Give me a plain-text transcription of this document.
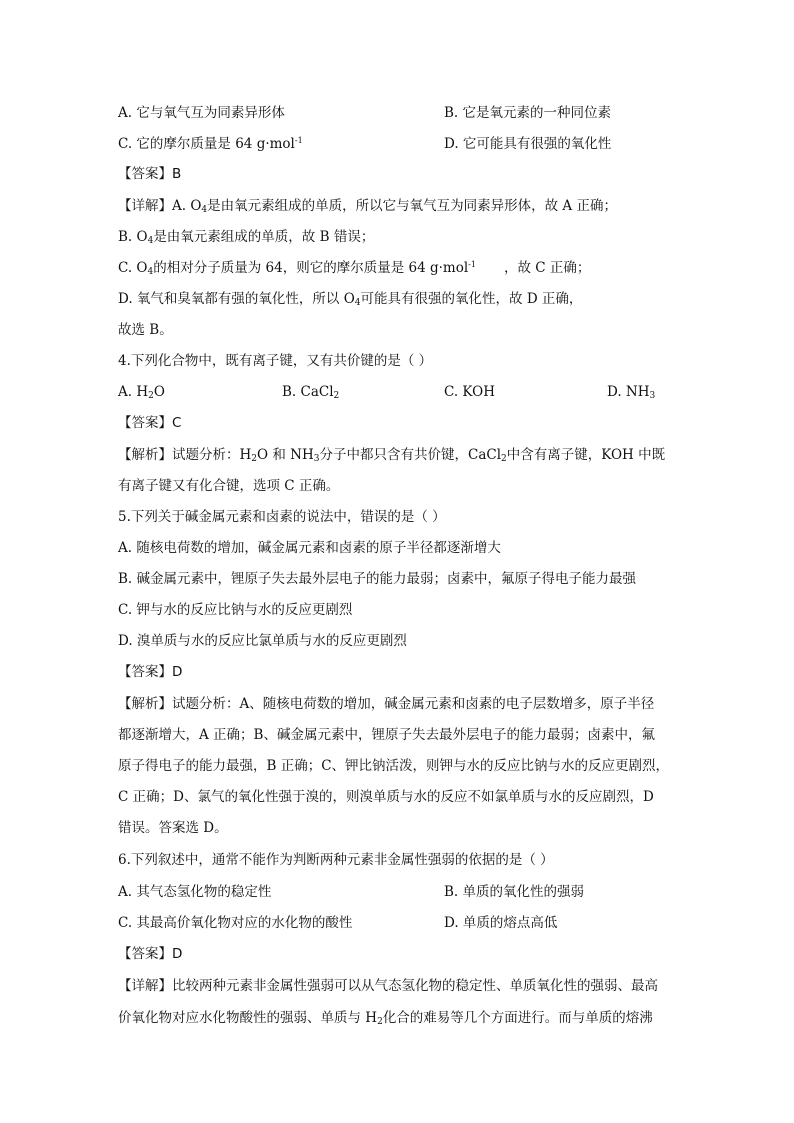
A. 它与氧气互为同素异形体	B. 它是氧元素的一种同位素
C. 它的摩尔质量是 64 g·mol$^{-1}$	D. 它可能具有很强的氧化性
【答案】B
【详解】A. $O_4$是由氧元素组成的单质，所以它与氧气互为同素异形体，故 A 正确；
B. $O_4$是由氧元素组成的单质，故 B 错误；
C. $O_4$的相对分子质量为 64，则它的摩尔质量是 64 g·mol$^{-1}$ ，故 C 正确；
D. 氧气和臭氧都有强的氧化性，所以 $O_4$可能具有很强的氧化性，故 D 正确，
故选 B。
4.下列化合物中，既有离子键，又有共价键的是（ ）
A. $H_2O$	B. CaCl$_2$	C. KOH	D. $NH_3$
【答案】C
【解析】试题分析：$H_2O$ 和 $NH_3$分子中都只含有共价键，CaCl$_2$中含有离子键，KOH 中既
有离子键又有化合键，选项 C 正确。
5.下列关于碱金属元素和卤素的说法中，错误的是（ ）
A. 随核电荷数的增加，碱金属元素和卤素的原子半径都逐渐增大
B. 碱金属元素中，锂原子失去最外层电子的能力最弱；卤素中，氟原子得电子能力最强
C. 钾与水的反应比钠与水的反应更剧烈
D. 溴单质与水的反应比氯单质与水的反应更剧烈
【答案】D
【解析】试题分析：A、随核电荷数的增加，碱金属元素和卤素的电子层数增多，原子半径
都逐渐增大，A 正确；B、碱金属元素中，锂原子失去最外层电子的能力最弱；卤素中，氟
原子得电子的能力最强，B 正确；C、钾比钠活泼，则钾与水的反应比钠与水的反应更剧烈，
C 正确；D、氯气的氧化性强于溴的，则溴单质与水的反应不如氯单质与水的反应剧烈，D
错误。答案选 D。
6.下列叙述中，通常不能作为判断两种元素非金属性强弱的依据的是（ ）
A. 其气态氢化物的稳定性	B. 单质的氧化性的强弱
C. 其最高价氧化物对应的水化物的酸性	D. 单质的熔点高低
【答案】D
【详解】比较两种元素非金属性强弱可以从气态氢化物的稳定性、单质氧化性的强弱、最高
价氧化物对应水化物酸性的强弱、单质与 $H_2$化合的难易等几个方面进行。而与单质的熔沸
